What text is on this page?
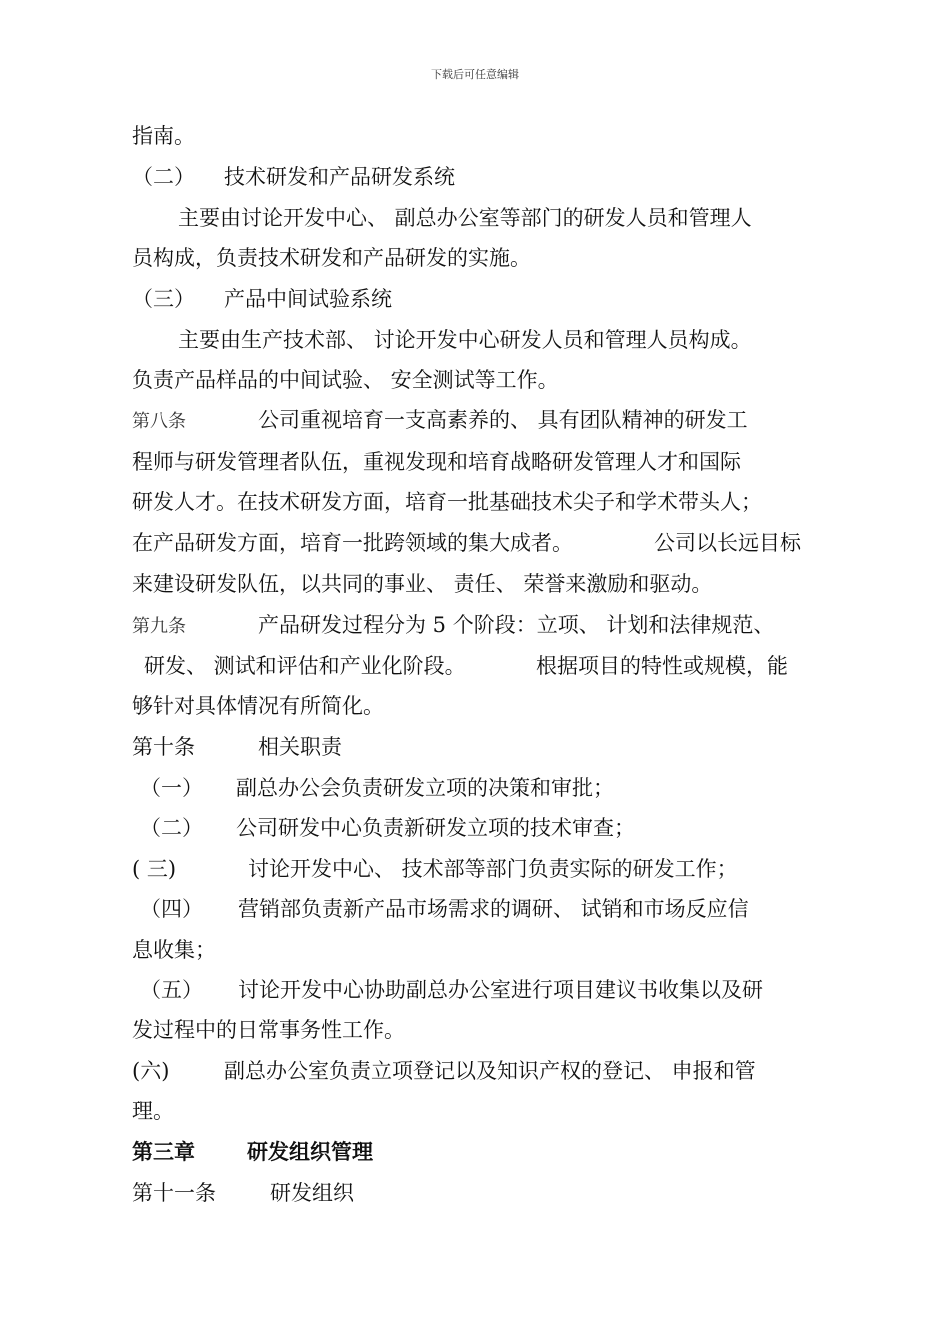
下载后可任意编辑
指南。
（二） 技术研发和产品研发系统
主要由讨论开发中心、 副总办公室等部门的研发人员和管理人
员构成，负责技术研发和产品研发的实施。
（三） 产品中间试验系统
主要由生产技术部、 讨论开发中心研发人员和管理人员构成。
负责产品样品的中间试验、 安全测试等工作。
第八条	公司重视培育一支高素养的、 具有团队精神的研发工
程师与研发管理者队伍，重视发现和培育战略研发管理人才和国际
研发人才。在技术研发方面，培育一批基础技术尖子和学术带头人；
在产品研发方面，培育一批跨领域的集大成者。	公司以长远目标
来建设研发队伍，以共同的事业、 责任、 荣誉来激励和驱动。
第九条	产品研发过程分为 5 个阶段：立项、 计划和法律规范、
研发、 测试和评估和产业化阶段。	根据项目的特性或规模，能
够针对具体情况有所简化。
第十条	相关职责
（一） 副总办公会负责研发立项的决策和审批；
（二） 公司研发中心负责新研发立项的技术审查；
( 三)	讨论开发中心、 技术部等部门负责实际的研发工作；
（四） 营销部负责新产品市场需求的调研、 试销和市场反应信
息收集；
（五） 讨论开发中心协助副总办公室进行项目建议书收集以及研
发过程中的日常事务性工作。
(六)	副总办公室负责立项登记以及知识产权的登记、 申报和管
理。
第三章 研发组织管理
第十一条	研发组织
